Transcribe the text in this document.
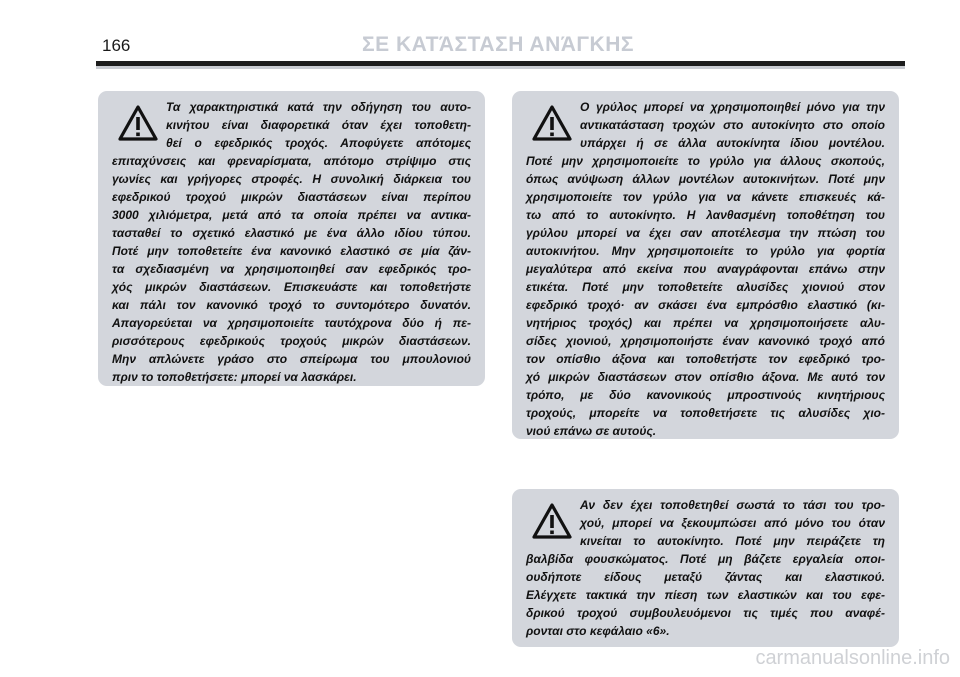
166	ΣΕ ΚΑΤΆΣΤΑΣΗ ΑΝΆΓΚΗΣ

Τα χαρακτηριστικά κατά την οδήγηση του αυτο-

κινήτου είναι διαφορετικά όταν έχει τοποθετη-

θεί ο εφεδρικός τροχός. Αποφύγετε απότομες

επιταχύνσεις και φρεναρίσματα, απότομο στρίψιμο στις

γωνίες και γρήγορες στροφές. Η συνολική διάρκεια του

εφεδρικού τροχού μικρών διαστάσεων είναι περίπου

3000 χιλιόμετρα, μετά από τα οποία πρέπει να αντικα-

τασταθεί το σχετικό ελαστικό με ένα άλλο ιδίου τύπου.

Ποτέ μην τοποθετείτε ένα κανονικό ελαστικό σε μία ζάν-

τα σχεδιασμένη να χρησιμοποιηθεί σαν εφεδρικός τρο-

χός μικρών διαστάσεων. Επισκευάστε και τοποθετήστε

και πάλι τον κανονικό τροχό το συντομότερο δυνατόν.

Απαγορεύεται να χρησιμοποιείτε ταυτόχρονα δύο ή πε-

ρισσότερους εφεδρικούς τροχούς μικρών διαστάσεων.

Μην απλώνετε γράσο στο σπείρωμα του μπουλονιού

πριν το τοποθετήσετε: μπορεί να λασκάρει.

Ο γρύλος μπορεί να χρησιμοποιηθεί μόνο για την

αντικατάσταση τροχών στο αυτοκίνητο στο οποίο

υπάρχει ή σε άλλα αυτοκίνητα ίδιου μοντέλου.

Ποτέ μην χρησιμοποιείτε το γρύλο για άλλους σκοπούς,

όπως ανύψωση άλλων μοντέλων αυτοκινήτων. Ποτέ μην

χρησιμοποιείτε τον γρύλο για να κάνετε επισκευές κά-

τω από το αυτοκίνητο. Η λανθασμένη τοποθέτηση του

γρύλου μπορεί να έχει σαν αποτέλεσμα την πτώση του

αυτοκινήτου. Μην χρησιμοποιείτε το γρύλο για φορτία

μεγαλύτερα από εκείνα που αναγράφονται επάνω στην

ετικέτα. Ποτέ μην τοποθετείτε αλυσίδες χιονιού στον

εφεδρικό τροχό· αν σκάσει ένα εμπρόσθιο ελαστικό (κι-

νητήριος τροχός) και πρέπει να χρησιμοποιήσετε αλυ-

σίδες χιονιού, χρησιμοποιήστε έναν κανονικό τροχό από

τον οπίσθιο άξονα και τοποθετήστε τον εφεδρικό τρο-

χό μικρών διαστάσεων στον οπίσθιο άξονα. Με αυτό τον

τρόπο, με δύο κανονικούς μπροστινούς κινητήριους

τροχούς, μπορείτε να τοποθετήσετε τις αλυσίδες χιο-

νιού επάνω σε αυτούς.

Αν δεν έχει τοποθετηθεί σωστά το τάσι του τρο-

χού, μπορεί να ξεκουμπώσει από μόνο του όταν

κινείται το αυτοκίνητο. Ποτέ μην πειράζετε τη

βαλβίδα φουσκώματος. Ποτέ μη βάζετε εργαλεία οποι-

ουδήποτε είδους μεταξύ ζάντας και ελαστικού.

Ελέγχετε τακτικά την πίεση των ελαστικών και του εφε-

δρικού τροχού συμβουλευόμενοι τις τιμές που αναφέ-

ρονται στο κεφάλαιο «6».

carmanualsonline.info
